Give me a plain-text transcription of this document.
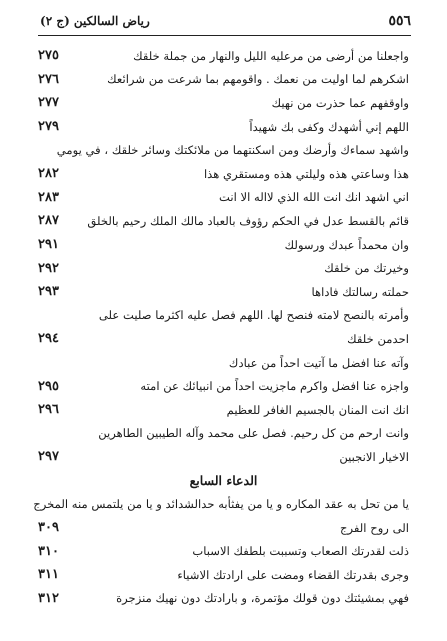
٥٥٦
رياض السالكين (ج ٢)
واجعلنا من أرضى من مرعليه الليل والنهار من جملة خلقك
٢٧٥
اشكرهم لما اوليت من نعمك . واقومهم بما شرعت من شرائعك
٢٧٦
واوقفهم عما حذرت من نهيك
٢٧٧
اللهم إني أشهدك وكفى بك شهيداً
٢٧٩
واشهد سماءك وأرضك ومن اسكنتهما من ملائكتك وسائر خلقك ، في يومي
هذا وساعتي هذه وليلتي هذه ومستقري هذا
٢٨٢
اني اشهد انك انت الله الذي لااله الا انت
٢٨٣
قائم بالقسط عدل في الحكم رؤوف بالعباد مالك الملك رحيم بالخلق
٢٨٧
وان محمداً عبدك ورسولك
٢٩١
وخيرتك من خلقك
٢٩٢
حملته رسالتك فاداها
٢٩٣
وأمرته بالنصح لامته فنصح لها. اللهم فصل عليه اكثرما صليت على
احدمن خلقك
٢٩٤
وآته عنا افضل ما آتيت احداً من عبادك
واجزه عنا افضل واكرم ماجزيت احداً من انبيائك عن امته
٢٩٥
انك انت المنان بالجسيم الغافر للعظيم
٢٩٦
وانت ارحم من كل رحيم. فصل على محمد وآله الطيبين الطاهرين
الاخيار الانجبين
٢٩٧
الدعاء السابع
يا من تحل به عقد المكاره و يا من يفثأبه حدالشدائد و يا من يلتمس منه المخرج
الى روح الفرج
٣٠٩
ذلت لقدرتك الصعاب وتسببت بلطفك الاسباب
٣١٠
وجرى بقدرتك القضاء ومضت على ارادتك الاشياء
٣١١
فهي بمشيئتك دون قولك مؤتمرة، و بارادتك دون نهيك منزجرة
٣١٢
